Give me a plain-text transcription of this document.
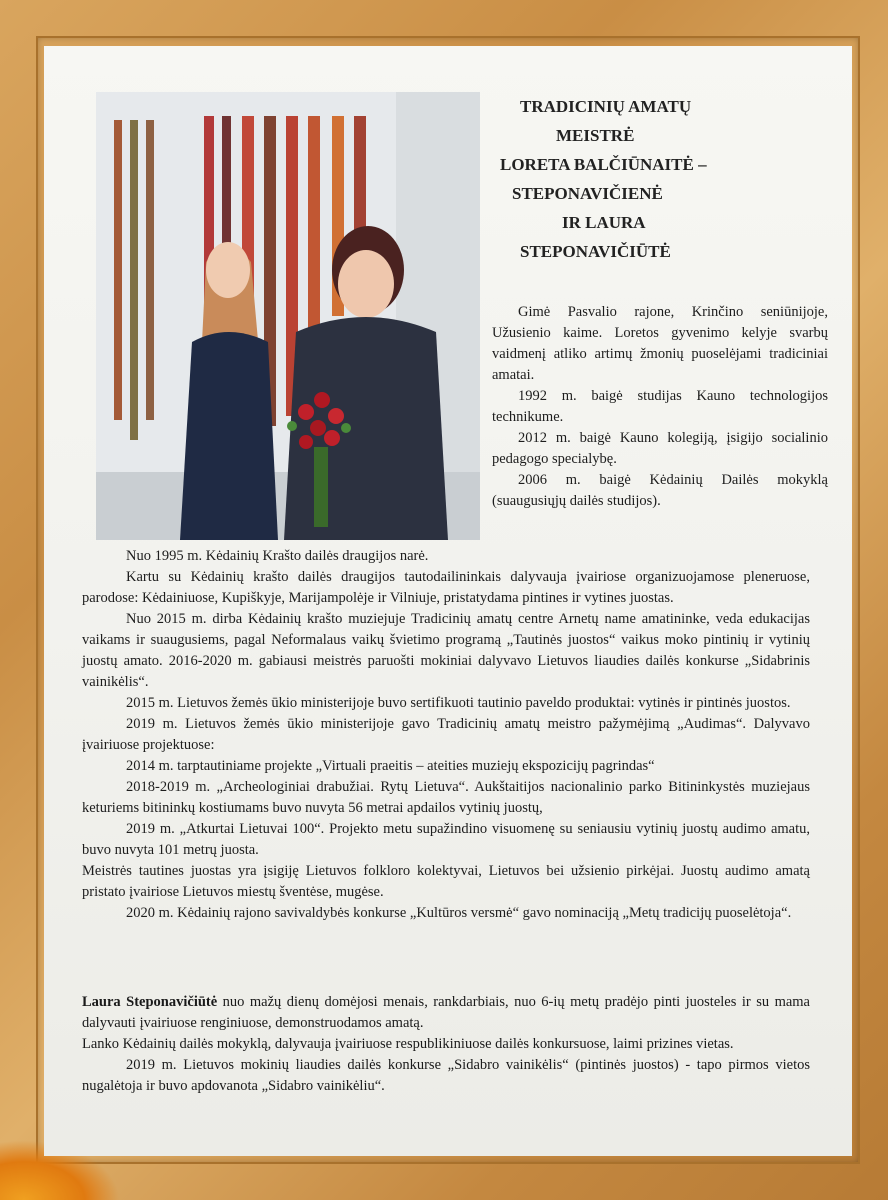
TRADICINIŲ AMATŲ
MEISTRĖ
LORETA BALČIŪNAITĖ –
STEPONAVIČIENĖ
IR LAURA
STEPONAVIČIŪTĖ

Gimė Pasvalio rajone, Krinčino seniūnijoje, Užusienio kaime. Loretos gyvenimo kelyje svarbų vaidmenį atliko artimų žmonių puoselėjami tradiciniai amatai.

1992 m. baigė studijas Kauno technologijos technikume.

2012 m. baigė Kauno kolegiją, įsigijo socialinio pedagogo specialybę.

2006 m. baigė Kėdainių Dailės mokyklą (suaugusiųjų dailės studijos).

Nuo 1995 m. Kėdainių Krašto dailės draugijos narė.

Kartu su Kėdainių krašto dailės draugijos tautodailininkais dalyvauja įvairiose organizuojamose pleneruose, parodose: Kėdainiuose, Kupiškyje, Marijampolėje ir Vilniuje, pristatydama pintines ir vytines juostas.

Nuo 2015 m. dirba Kėdainių krašto muziejuje Tradicinių amatų centre Arnetų name amatininke, veda edukacijas vaikams ir suaugusiems, pagal Neformalaus vaikų švietimo programą „Tautinės juostos“ vaikus moko pintinių ir vytinių juostų amato. 2016-2020 m. gabiausi meistrės paruošti mokiniai dalyvavo Lietuvos liaudies dailės konkurse „Sidabrinis vainikėlis“.

2015 m. Lietuvos žemės ūkio ministerijoje buvo sertifikuoti tautinio paveldo produktai: vytinės ir pintinės juostos.

2019 m. Lietuvos žemės ūkio ministerijoje gavo Tradicinių amatų meistro pažymėjimą „Audimas“. Dalyvavo įvairiuose projektuose:

2014 m. tarptautiniame projekte „Virtuali praeitis – ateities muziejų ekspozicijų pagrindas“

2018-2019 m. „Archeologiniai drabužiai. Rytų Lietuva“. Aukštaitijos nacionalinio parko Bitininkystės muziejaus keturiems bitininkų kostiumams buvo nuvyta 56 metrai apdailos vytinių juostų,

2019 m. „Atkurtai Lietuvai 100“. Projekto metu supažindino visuomenę su seniausiu vytinių juostų audimo amatu, buvo nuvyta 101 metrų juosta.

Meistrės tautines juostas yra įsigiję Lietuvos folkloro kolektyvai, Lietuvos bei užsienio pirkėjai. Juostų audimo amatą pristato įvairiose Lietuvos miestų šventėse, mugėse.

2020 m. Kėdainių rajono savivaldybės konkurse „Kultūros versmė“ gavo nominaciją „Metų tradicijų puoselėtoja“.

Laura Steponavičiūtė nuo mažų dienų domėjosi menais, rankdarbiais, nuo 6-ių metų pradėjo pinti juosteles ir su mama dalyvauti įvairiuose renginiuose, demonstruodamos amatą.

Lanko Kėdainių dailės mokyklą, dalyvauja įvairiuose respublikiniuose dailės konkursuose, laimi prizines vietas.

2019 m. Lietuvos mokinių liaudies dailės konkurse „Sidabro vainikėlis“ (pintinės juostos) - tapo pirmos vietos nugalėtoja ir buvo apdovanota „Sidabro vainikėliu“.
